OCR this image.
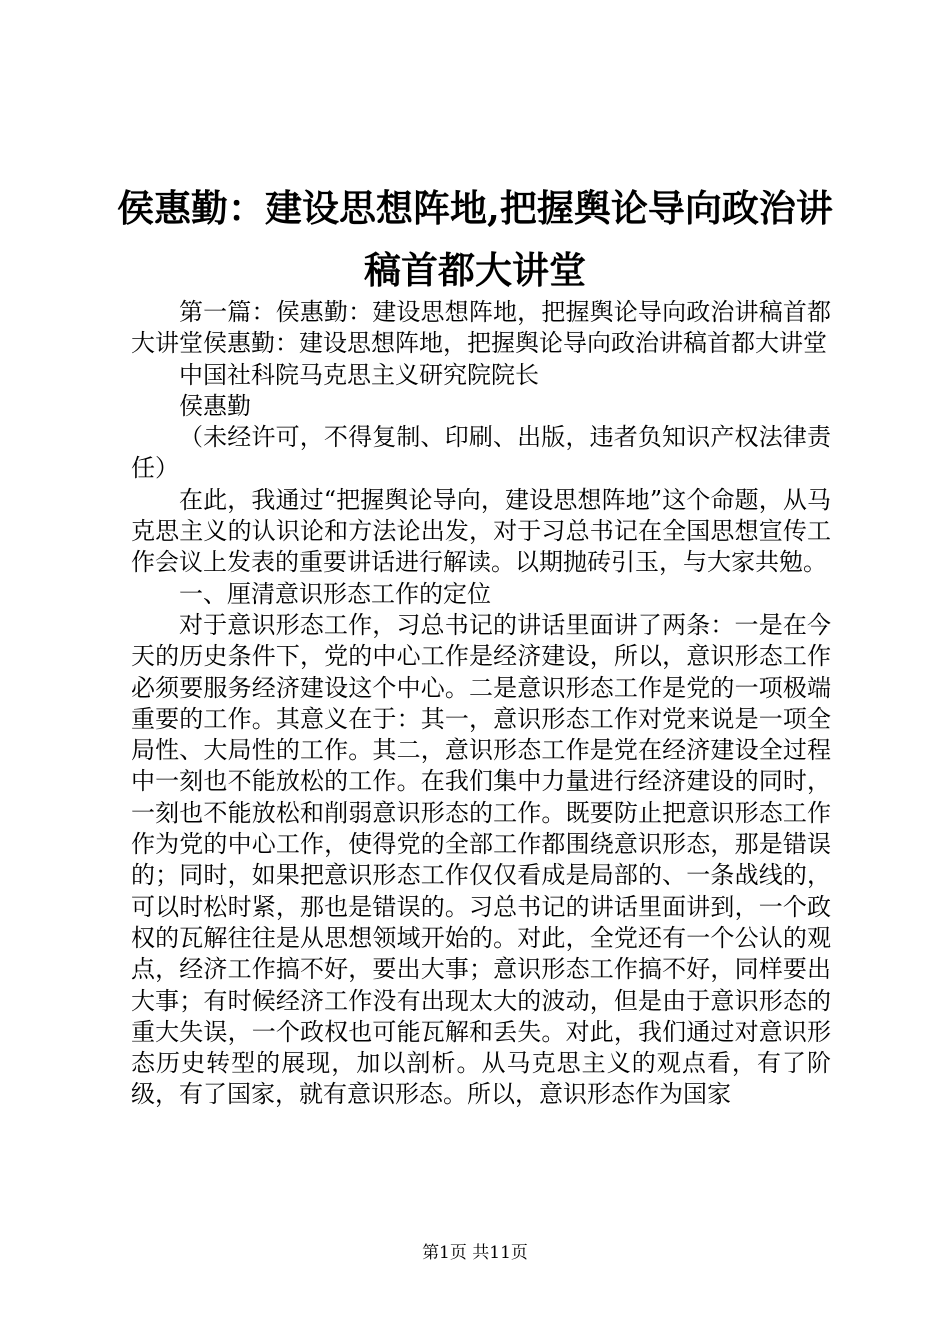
侯惠勤：建设思想阵地,把握舆论导向政治讲
稿首都大讲堂

第一篇：侯惠勤：建设思想阵地，把握舆论导向政治讲稿首都大讲堂侯惠勤：建设思想阵地，把握舆论导向政治讲稿首都大讲堂

中国社科院马克思主义研究院院长

侯惠勤

（未经许可，不得复制、印刷、出版，违者负知识产权法律责任）

在此，我通过“把握舆论导向，建设思想阵地”这个命题，从马克思主义的认识论和方法论出发，对于习总书记在全国思想宣传工作会议上发表的重要讲话进行解读。以期抛砖引玉，与大家共勉。

一、厘清意识形态工作的定位

对于意识形态工作，习总书记的讲话里面讲了两条：一是在今天的历史条件下，党的中心工作是经济建设，所以，意识形态工作必须要服务经济建设这个中心。二是意识形态工作是党的一项极端重要的工作。其意义在于：其一，意识形态工作对党来说是一项全局性、大局性的工作。其二，意识形态工作是党在经济建设全过程中一刻也不能放松的工作。在我们集中力量进行经济建设的同时，一刻也不能放松和削弱意识形态的工作。既要防止把意识形态工作作为党的中心工作，使得党的全部工作都围绕意识形态，那是错误的；同时，如果把意识形态工作仅仅看成是局部的、一条战线的，可以时松时紧，那也是错误的。习总书记的讲话里面讲到，一个政权的瓦解往往是从思想领域开始的。对此，全党还有一个公认的观点，经济工作搞不好，要出大事；意识形态工作搞不好，同样要出大事；有时候经济工作没有出现太大的波动，但是由于意识形态的重大失误，一个政权也可能瓦解和丢失。对此，我们通过对意识形态历史转型的展现，加以剖析。从马克思主义的观点看，有了阶级，有了国家，就有意识形态。所以，意识形态作为国家

第1页 共11页
